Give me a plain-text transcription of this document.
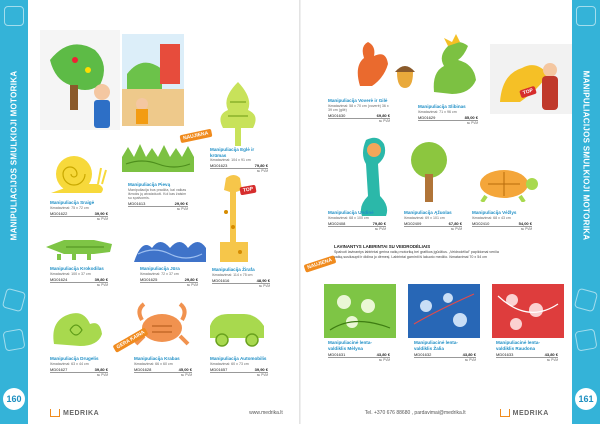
MANIPULIACIJOS SMULKIOJI MOTORIKA
160
MANIPULIACIJOS SMULKIOJI MOTORIKA
161
NAUJIENA
TOP
GERA KAINA
TOP
NAUJIENA
Manipuliacija Eglė ir krūmas
Išmatavimai: 104 x 91 cm
MD01623	79,80 €
su PVM
Manipuliacija Sraigė
Išmatavimai: 75 x 72 cm
MD01622	39,90 €
su PVM
Manipuliacija Pievą
Manipuliacija bus pradžia, kai vaikas išmoks jų atvaizduoti. Kol kas žaisim su spalvomis.
MD01613	29,90 €
su PVM
Manipuliacija Žirafa
Išmatavimai: 114 x 75 cm
MD01616	48,90 €
su PVM
Manipuliacija Krokodilas
Išmatavimai: 100 x 37 cm
MD01624	39,80 €
su PVM
Manipuliacija Jūra
Išmatavimai: 72 x 37 cm
MD01625	29,80 €
su PVM
Manipuliacija Drugelis
Išmatavimai: 63 x 44 cm
MD01627	39,80 €
su PVM
Manipuliacija Krabas
Išmatavimai: 66 x 60 cm
MD01628	45,00 €
su PVM
Manipuliacija Automobilis
Išmatavimai: 60 x 73 cm
MD01657	39,90 €
su PVM
Manipuliacija Voverė ir Gilė
Išmatavimai: 58 x 70 cm (voverė) 36 x 39 cm (gilė)
MD01630	69,80 €
su PVM
Manipuliacija Slibinas
Išmatavimai: 71 x 96 cm
MD01629	85,00 €
su PVM
Manipuliacija Undinė
Išmatavimai: 68 x 100 cm
MD02408	79,80 €
su PVM
Manipuliacija Ąžuolas
Išmatavimai: 69 x 101 cm
MD02409	67,80 €
su PVM
Manipuliacija Vėžlys
Išmatavimai: 68 x 43 cm
MD02410	54,00 €
su PVM
LAVINANTYS LABIRINTAI SU VEIDRODĖLIAIS
Spalvoti lavinantys labirintai gerina vaikų motoriką bei grafikos įgūdžius. „Veidrodėliai" papildomai verčia vaiką susikaupti ir didina jo dėmesį. Labirintai gaminti iš lakuoto medžio. Išmatavimai 70 x 54 cm
Manipuliacinė lenta-valdiklis Mėlyna
MD01631	43,80 €
su PVM
Manipuliacinė lenta-valdiklis Žalia
MD01632	43,80 €
su PVM
Manipuliacinė lenta-valdiklis Raudona
MD01633	43,80 €
su PVM
MEDRIKA	www.medrika.lt	Tel. +370 676 88680 , pardavimai@medrika.lt	MEDRIKA
